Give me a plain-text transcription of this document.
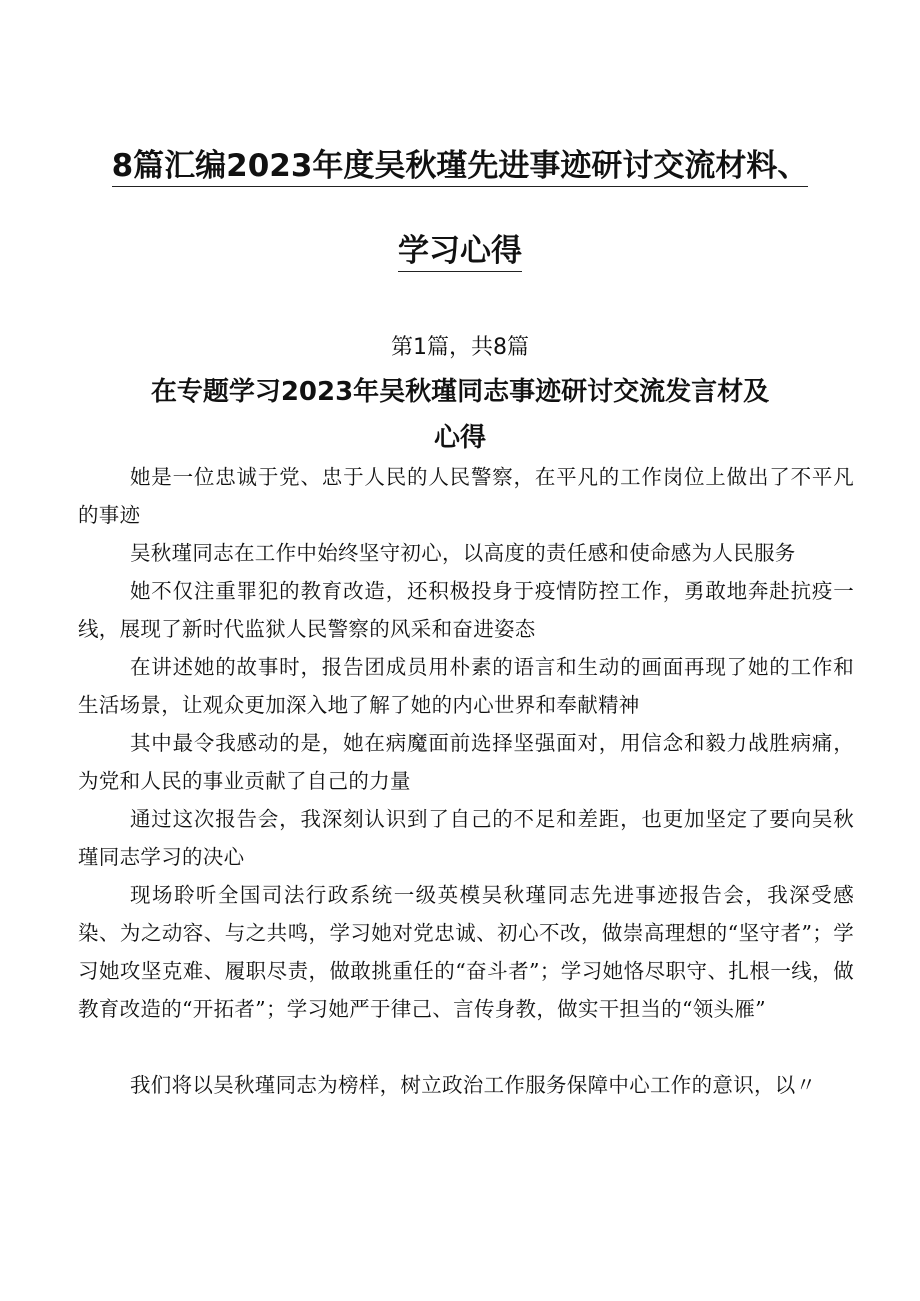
8篇汇编2023年度吴秋瑾先进事迹研讨交流材料、
学习心得
第1篇，共8篇
在专题学习2023年吴秋瑾同志事迹研讨交流发言材及
心得

她是一位忠诚于党、忠于人民的人民警察，在平凡的工作岗位上做出了不平凡的事迹

吴秋瑾同志在工作中始终坚守初心，以高度的责任感和使命感为人民服务

她不仅注重罪犯的教育改造，还积极投身于疫情防控工作，勇敢地奔赴抗疫一线，展现了新时代监狱人民警察的风采和奋进姿态

在讲述她的故事时，报告团成员用朴素的语言和生动的画面再现了她的工作和生活场景，让观众更加深入地了解了她的内心世界和奉献精神

其中最令我感动的是，她在病魔面前选择坚强面对，用信念和毅力战胜病痛，为党和人民的事业贡献了自己的力量

通过这次报告会，我深刻认识到了自己的不足和差距，也更加坚定了要向吴秋瑾同志学习的决心

现场聆听全国司法行政系统一级英模吴秋瑾同志先进事迹报告会，我深受感染、为之动容、与之共鸣，学习她对党忠诚、初心不改，做崇高理想的“坚守者”；学习她攻坚克难、履职尽责，做敢挑重任的“奋斗者”；学习她恪尽职守、扎根一线，做教育改造的“开拓者”；学习她严于律己、言传身教，做实干担当的“领头雁”

我们将以吴秋瑾同志为榜样，树立政治工作服务保障中心工作的意识，以〃
